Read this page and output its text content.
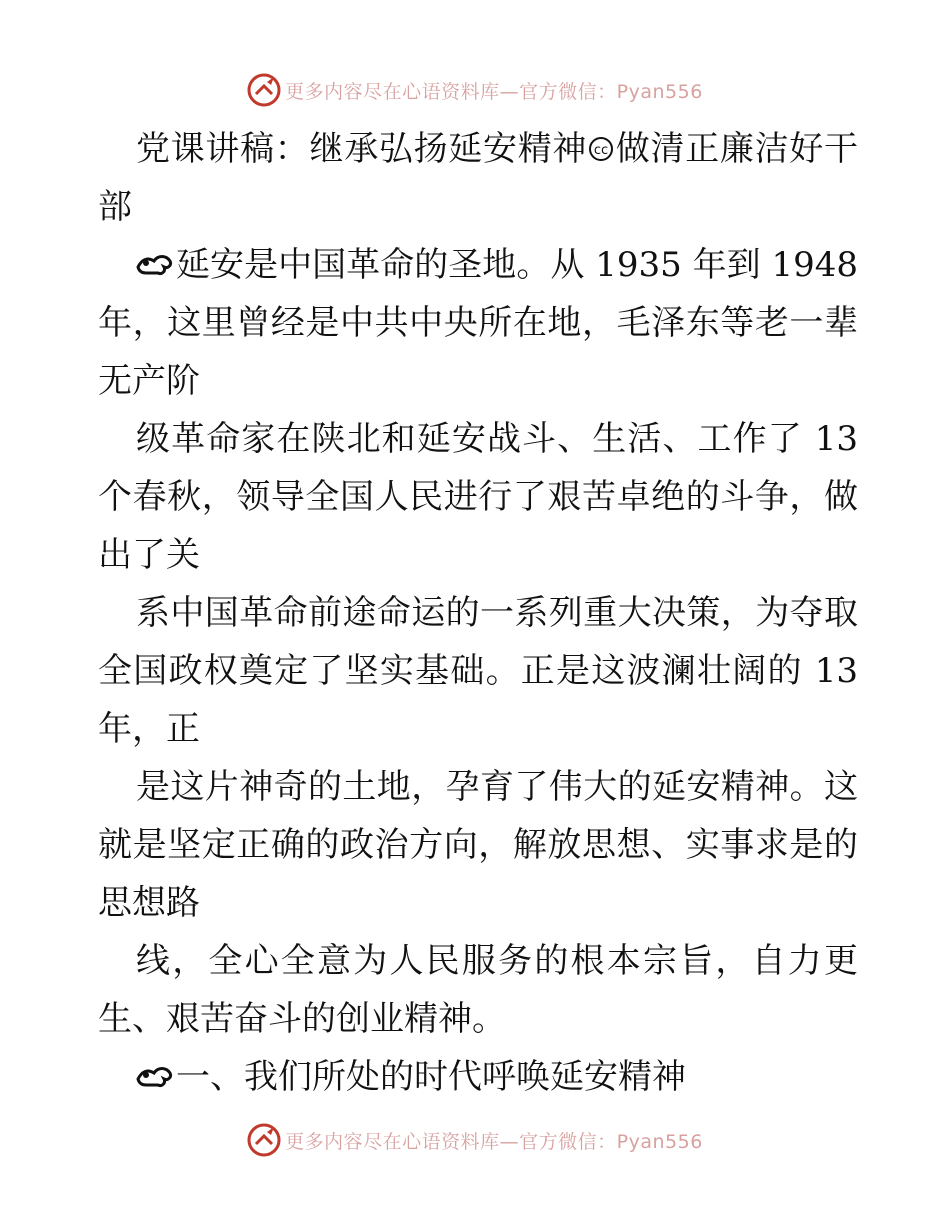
更多内容尽在心语资料库—官方微信：Pyan556

党课讲稿：继承弘扬延安精神 cc 做清正廉洁好干部

延安是中国革命的圣地。从 1935 年到 1948 年，这里曾经是中共中央所在地，毛泽东等老一辈无产阶

级革命家在陕北和延安战斗、生活、工作了 13 个春秋，领导全国人民进行了艰苦卓绝的斗争，做出了关

系中国革命前途命运的一系列重大决策，为夺取全国政权奠定了坚实基础。正是这波澜壮阔的 13 年，正

是这片神奇的土地，孕育了伟大的延安精神。这就是坚定正确的政治方向，解放思想、实事求是的思想路

线，全心全意为人民服务的根本宗旨，自力更生、艰苦奋斗的创业精神。

一、我们所处的时代呼唤延安精神

更多内容尽在心语资料库—官方微信：Pyan556
